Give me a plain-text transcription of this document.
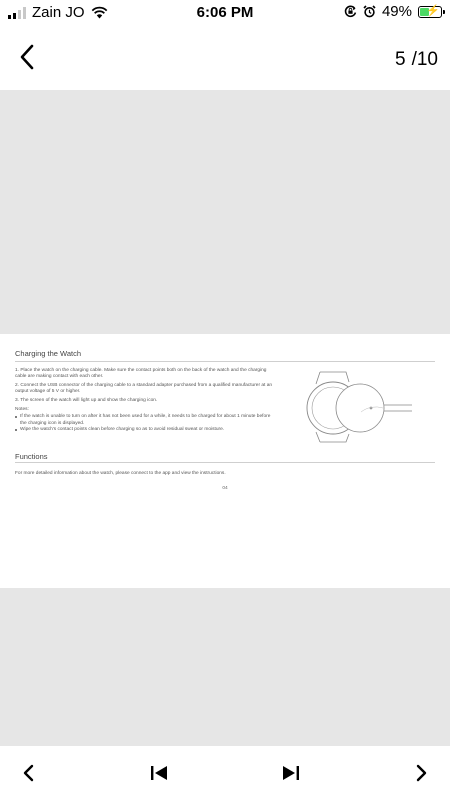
Zain JO	6:06 PM	49% ⚡
5 /10
Charging the Watch

1. Place the watch on the charging cable. Make sure the contact points both on the back of the watch and the charging cable are making contact with each other.

2. Connect the USB connector of the charging cable to a standard adapter purchased from a qualified manufacturer at an output voltage of 5 V or higher.

3. The screen of the watch will light up and show the charging icon.

Notes:

If the watch is unable to turn on after it has not been used for a while, it needs to be charged for about 1 minute before the charging icon is displayed.
Wipe the watch's contact points clean before charging so as to avoid residual sweat or moisture.
Functions
For more detailed information about the watch, please connect to the app and view the instructions.
04
